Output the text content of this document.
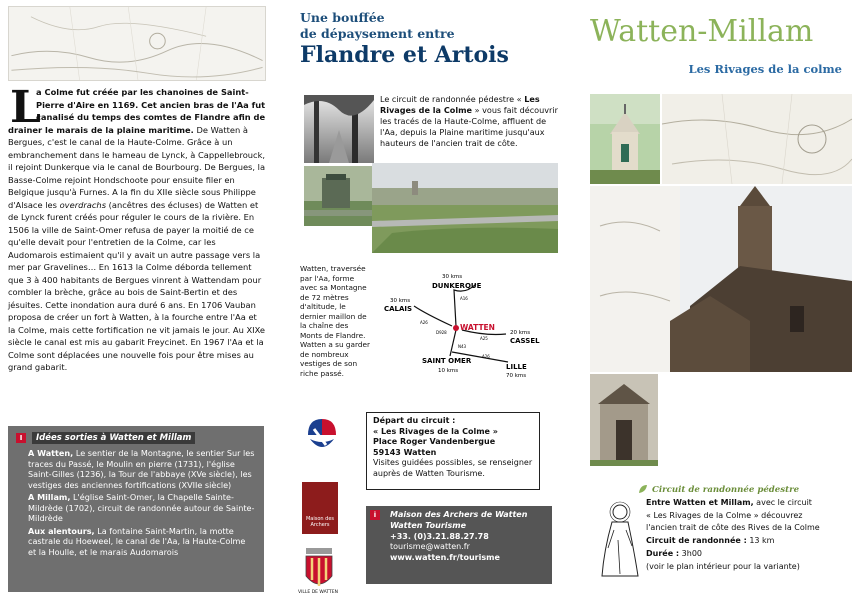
L
a Colme fut créée par les chanoines de Saint-Pierre d'Aire en 1169. Cet ancien bras de l'Aa fut canalisé du temps des comtes de Flandre afin de drainer le marais de la plaine maritime. De Watten à Bergues, c'est le canal de la Haute-Colme. Grâce à un embranchement dans le hameau de Lynck, à Cappellebrouck, il rejoint Dunkerque via le canal de Bourbourg. De Bergues, la Basse-Colme rejoint Hondschoote pour ensuite filer en Belgique jusqu'à Furnes. A la fin du XIIe siècle sous Philippe d'Alsace les overdrachs (ancêtres des écluses) de Watten et de Lynck furent créés pour réguler le cours de la rivière. En 1506 la ville de Saint-Omer refusa de payer la moitié de ce qu'elle devait pour l'entretien de la Colme, car les Audomarois estimaient qu'il y avait un autre passage vers la mer par Gravelines… En 1613 la Colme déborda tellement que 3 à 400 habitants de Bergues vinrent à Wattendam pour combler la brèche, grâce au bois de Saint-Bertin et des jésuites. Cette inondation aura duré 6 ans. En 1706 Vauban proposa de créer un fort à Watten, à la fourche entre l'Aa et la Colme, mais cette fortification ne vit jamais le jour. Au XIXe siècle le canal est mis au gabarit Freycinet. En 1967 l'Aa et la Colme sont déplacées une nouvelle fois pour être mises au grand gabarit.
I	Idées sorties à Watten et Millam

A Watten, Le sentier de la Montagne, le sentier Sur les traces du Passé, le Moulin en pierre (1731), l'église Saint-Gilles (1236), la Tour de l'abbaye (XVe siècle), les vestiges des anciennes fortifications (XVIIe siècle)

A Millam, L'église Saint-Omer, la Chapelle Sainte-Mildrède (1702), circuit de randonnée autour de Sainte-Mildrède

Aux alentours, La fontaine Saint-Martin, la motte castrale du Hoeweel, le canal de l'Aa, la Haute-Colme et la Houlle, et le marais Audomarois

Une bouffée
de dépaysement entre
Flandre et Artois

Le circuit de randonnée pédestre « Les Rivages de la Colme » vous fait découvrir les tracés de la Haute-Colme, affluent de l'Aa, depuis la Plaine maritime jusqu'aux hauteurs de l'ancien trait de côte.

Watten, traversée par l'Aa, forme avec sa Montagne de 72 mètres d'altitude, le dernier maillon de la chaîne des Monts de Flandre. Watten a su garder de nombreux vestiges de son riche passé.

WATTEN
30 kms
DUNKERQUE
30 kms
CALAIS
20 kms
CASSEL
SAINT OMER
10 kms	LILLE
70 kms
A16
A26
D928
A25
N43
A26
Maison des Archers
VILLE DE WATTEN
Départ du circuit :
« Les Rivages de la Colme »
Place Roger Vandenbergue
59143 Watten
Visites guidées possibles, se renseigner auprès de Watten Tourisme.
i	Maison des Archers de Watten
Watten Tourisme
+33. (0)3.21.88.27.78
tourisme@watten.fr
www.watten.fr/tourisme
Watten-Millam
Les Rivages de la colme
Circuit de randonnée pédestre
Entre Watten et Millam, avec le circuit
« Les Rivages de la Colme » découvrez
l'ancien trait de côte des Rives de la Colme
Circuit de randonnée : 13 km
Durée : 3h00
(voir le plan intérieur pour la variante)
